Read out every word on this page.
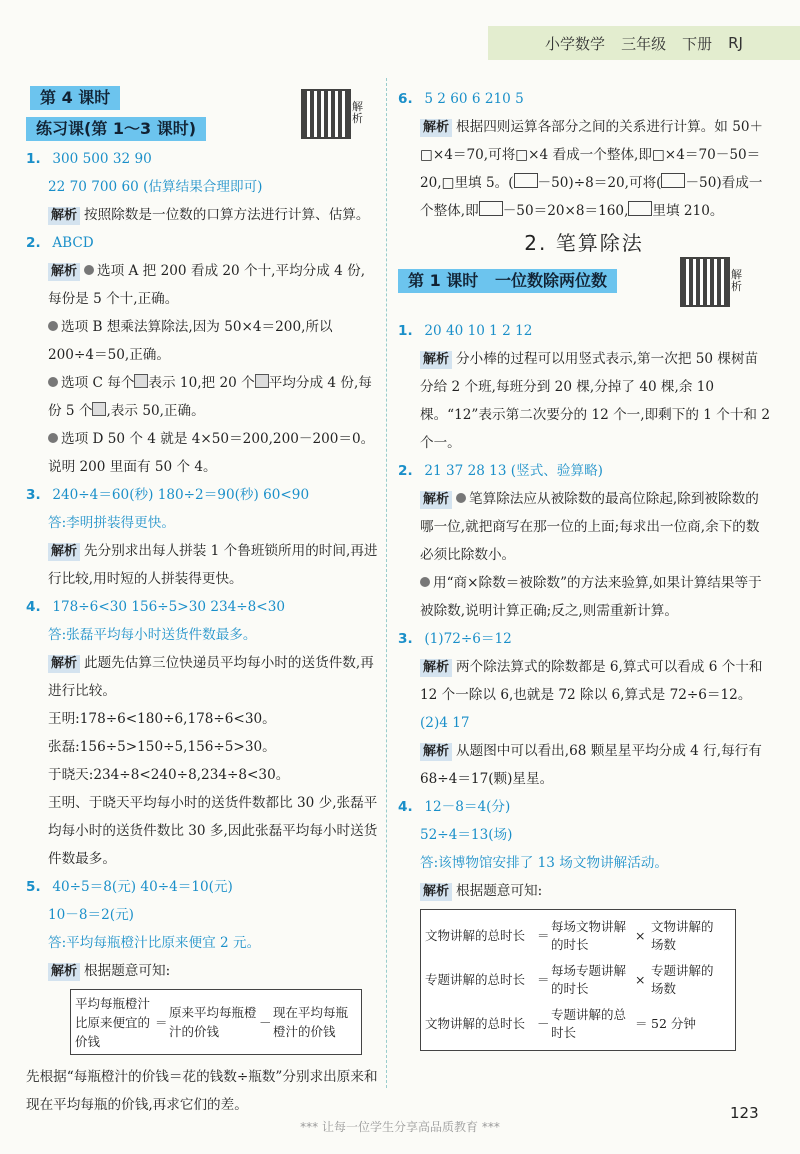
小学数学 三年级 下册 RJ
第 4 课时
练习课(第 1～3 课时)
解析
1. 300 500 32 90
22 70 700 60 (估算结果合理即可)
解析 按照除数是一位数的口算方法进行计算、估算。
2. ABCD
解析 选项 A 把 200 看成 20 个十,平均分成 4 份,每份是 5 个十,正确。
选项 B 想乘法算除法,因为 50×4＝200,所以 200÷4＝50,正确。
选项 C 每个 表示 10,把 20 个 平均分成 4 份,每份 5 个 ,表示 50,正确。
选项 D 50 个 4 就是 4×50＝200,200－200＝0。说明 200 里面有 50 个 4。
3. 240÷4＝60(秒) 180÷2＝90(秒) 60<90
答:李明拼装得更快。
解析 先分别求出每人拼装 1 个鲁班锁所用的时间,再进行比较,用时短的人拼装得更快。
4. 178÷6<30 156÷5>30 234÷8<30
答:张磊平均每小时送货件数最多。
解析 此题先估算三位快递员平均每小时的送货件数,再进行比较。
王明:178÷6<180÷6,178÷6<30。
张磊:156÷5>150÷5,156÷5>30。
于晓天:234÷8<240÷8,234÷8<30。
王明、于晓天平均每小时的送货件数都比 30 少,张磊平均每小时的送货件数比 30 多,因此张磊平均每小时送货件数最多。
5. 40÷5＝8(元) 40÷4＝10(元)
10－8＝2(元)
答:平均每瓶橙汁比原来便宜 2 元。
解析 根据题意可知:
平均每瓶橙汁比原来便宜的价钱
＝
原来平均每瓶橙汁的价钱
－
现在平均每瓶橙汁的价钱
先根据“每瓶橙汁的价钱＝花的钱数÷瓶数”分别求出原来和现在平均每瓶的价钱,再求它们的差。
6. 5 2 60 6 210 5
解析 根据四则运算各部分之间的关系进行计算。如 50＋□×4＝70,可将□×4 看成一个整体,即□×4＝70－50＝20,□里填 5。( －50)÷8＝20,可将( －50)看成一个整体,即 －50＝20×8＝160, 里填 210。
2. 笔算除法
第 1 课时 一位数除两位数	解析
1. 20 40 10 1 2 12
解析 分小棒的过程可以用竖式表示,第一次把 50 棵树苗分给 2 个班,每班分到 20 棵,分掉了 40 棵,余 10 棵。“12”表示第二次要分的 12 个一,即剩下的 1 个十和 2 个一。
2. 21 37 28 13 (竖式、验算略)
解析 笔算除法应从被除数的最高位除起,除到被除数的哪一位,就把商写在那一位的上面;每求出一位商,余下的数必须比除数小。
用“商×除数＝被除数”的方法来验算,如果计算结果等于被除数,说明计算正确;反之,则需重新计算。
3. (1)72÷6＝12
解析 两个除法算式的除数都是 6,算式可以看成 6 个十和 12 个一除以 6,也就是 72 除以 6,算式是 72÷6＝12。
(2)4 17
解析 从题图中可以看出,68 颗星星平均分成 4 行,每行有 68÷4＝17(颗)星星。
4. 12－8＝4(分)
52÷4＝13(场)
答:该博物馆安排了 13 场文物讲解活动。
解析 根据题意可知:
文物讲解的总时长 ＝
每场文物讲解的时长
×
文物讲解的场数
专题讲解的总时长 ＝
每场专题讲解的时长
×
专题讲解的场数
文物讲解的总时长 －
专题讲解的总时长
＝ 52 分钟
123
*** 让每一位学生分享高品质教育 ***
